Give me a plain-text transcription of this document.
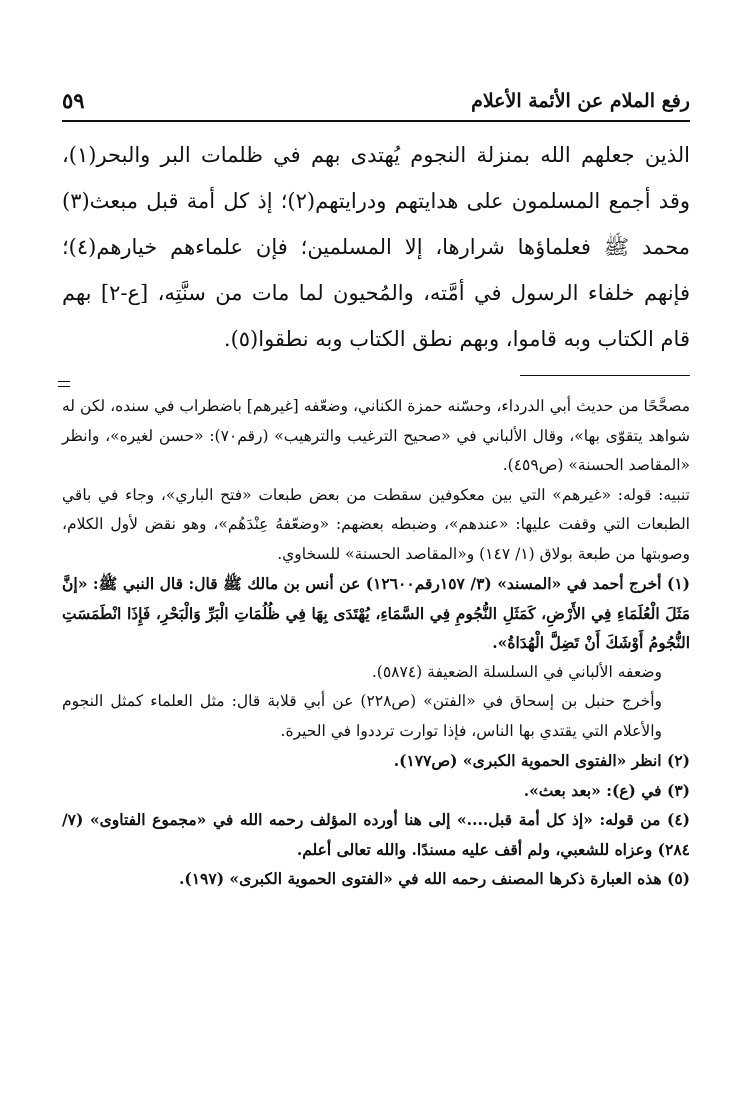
رفع الملام عن الأئمة الأعلام
٥٩

الذين جعلهم الله بمنزلة النجوم يُهتدى بهم في ظلمات البر والبحر(١)، وقد أجمع المسلمون على هدايتهم ودرايتهم(٢)؛ إذ كل أمة قبل مبعث(٣) محمد ﷺ فعلماؤها شرارها، إلا المسلمين؛ فإن علماءهم خيارهم(٤)؛ فإنهم خلفاء الرسول في أمَّته، والمُحيون لما مات من سنَّتِه، [ع-٢] بهم قام الكتاب وبه قاموا، وبهم نطق الكتاب وبه نطقوا(٥).

مصحَّحًا من حديث أبي الدرداء، وحسّنه حمزة الكناني، وضعّفه [غيرهم] باضطراب في سنده، لكن له شواهد يتقوّى بها»، وقال الألباني في «صحيح الترغيب والترهيب» (رقم٧٠): «حسن لغيره»، وانظر «المقاصد الحسنة» (ص٤٥٩).

تنبيه: قوله: «غيرهم» التي بين معكوفين سقطت من بعض طبعات «فتح الباري»، وجاء في باقي الطبعات التي وقفت عليها: «عندهم»، وضبطه بعضهم: «وضعّفهُ عِنْدَهُم»، وهو نقض لأول الكلام، وصوبتها من طبعة بولاق (١/ ١٤٧) و«المقاصد الحسنة» للسخاوي.

(١) أخرج أحمد في «المسند» (٣/ ١٥٧رقم١٢٦٠٠) عن أنس بن مالك ﷺ قال: قال النبي ﷺ: «إنَّ مَثَلَ الْعُلَمَاءِ فِي الأَرْضِ، كَمَثَلِ النُّجُومِ فِي السَّمَاءِ، يُهْتَدَى بِهَا فِي ظُلُمَاتِ الْبَرِّ وَالْبَحْرِ، فَإِذَا انْطَمَسَتِ النُّجُومُ أَوْشَكَ أَنْ تَضِلَّ الْهُدَاةُ».

وضعفه الألباني في السلسلة الضعيفة (٥٨٧٤).

وأخرج حنبل بن إسحاق في «الفتن» (ص٢٢٨) عن أبي قلابة قال: مثل العلماء كمثل النجوم والأعلام التي يقتدي بها الناس، فإذا توارت ترددوا في الحيرة.

(٢) انظر «الفتوى الحموية الكبرى» (ص١٧٧).

(٣) في (ع): «بعد بعث».

(٤) من قوله: «إذ كل أمة قبل....» إلى هنا أورده المؤلف رحمه الله في «مجموع الفتاوى» (٧/ ٢٨٤) وعزاه للشعبي، ولم أقف عليه مسندًا. والله تعالى أعلم.

(٥) هذه العبارة ذكرها المصنف رحمه الله في «الفتوى الحموية الكبرى» (١٩٧).
